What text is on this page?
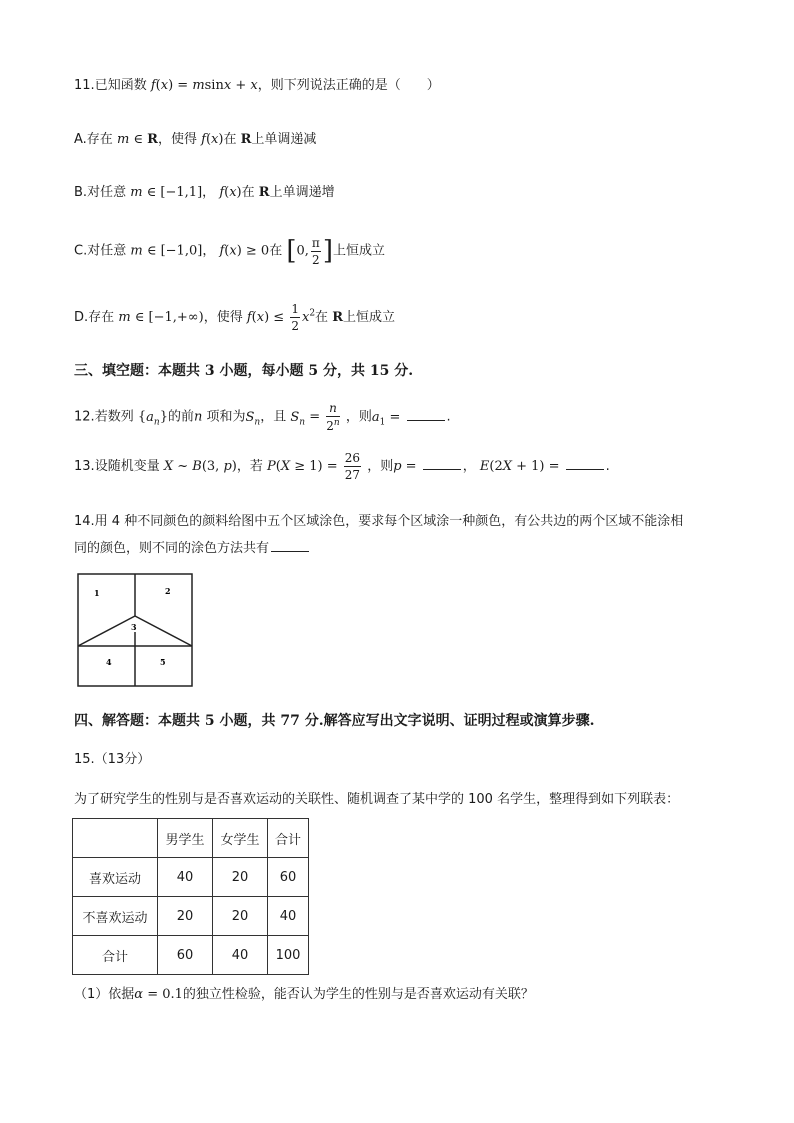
11.已知函数 f(x) = msinx + x，则下列说法正确的是（　　）
A.存在 m ∈ R，使得 f(x)在 R上单调递减
B.对任意 m ∈ [−1,1]， f(x)在 R上单调递增
C.对任意 m ∈ [−1,0]， f(x) ≥ 0在 [0, $\frac{\pi}{2}$ ]上恒成立
D.存在 m ∈ [−1,+∞)，使得 $f(x) \le \frac{1}{2} x^2$在 R上恒成立
三、填空题：本题共 3 小题，每小题 5 分，共 15 分.
12.若数列 $\{a_n\}$的前n 项和为$S_n$，且 $S_n = \frac{n}{2^n}$ ，则$a_1$ =	.
13.设随机变量 X ~ B(3, p)，若 $P(X \ge 1) = \frac{26}{27}$ ，则p =	， E(2X + 1) =	.
14.用 4 种不同颜色的颜料给图中五个区域涂色，要求每个区域涂一种颜色，有公共边的两个区域不能涂相
同的颜色，则不同的涂色方法共有
1	2
3
4	5
四、解答题：本题共 5 小题，共 77 分.解答应写出文字说明、证明过程或演算步骤.
15.（13分）
为了研究学生的性别与是否喜欢运动的关联性、随机调查了某中学的 100 名学生，整理得到如下列联表：
	男学生	女学生	合计
喜欢运动	40	20	60
不喜欢运动	20	20	40
合计	60	40	100
（1）依据α = 0.1的独立性检验，能否认为学生的性别与是否喜欢运动有关联？
